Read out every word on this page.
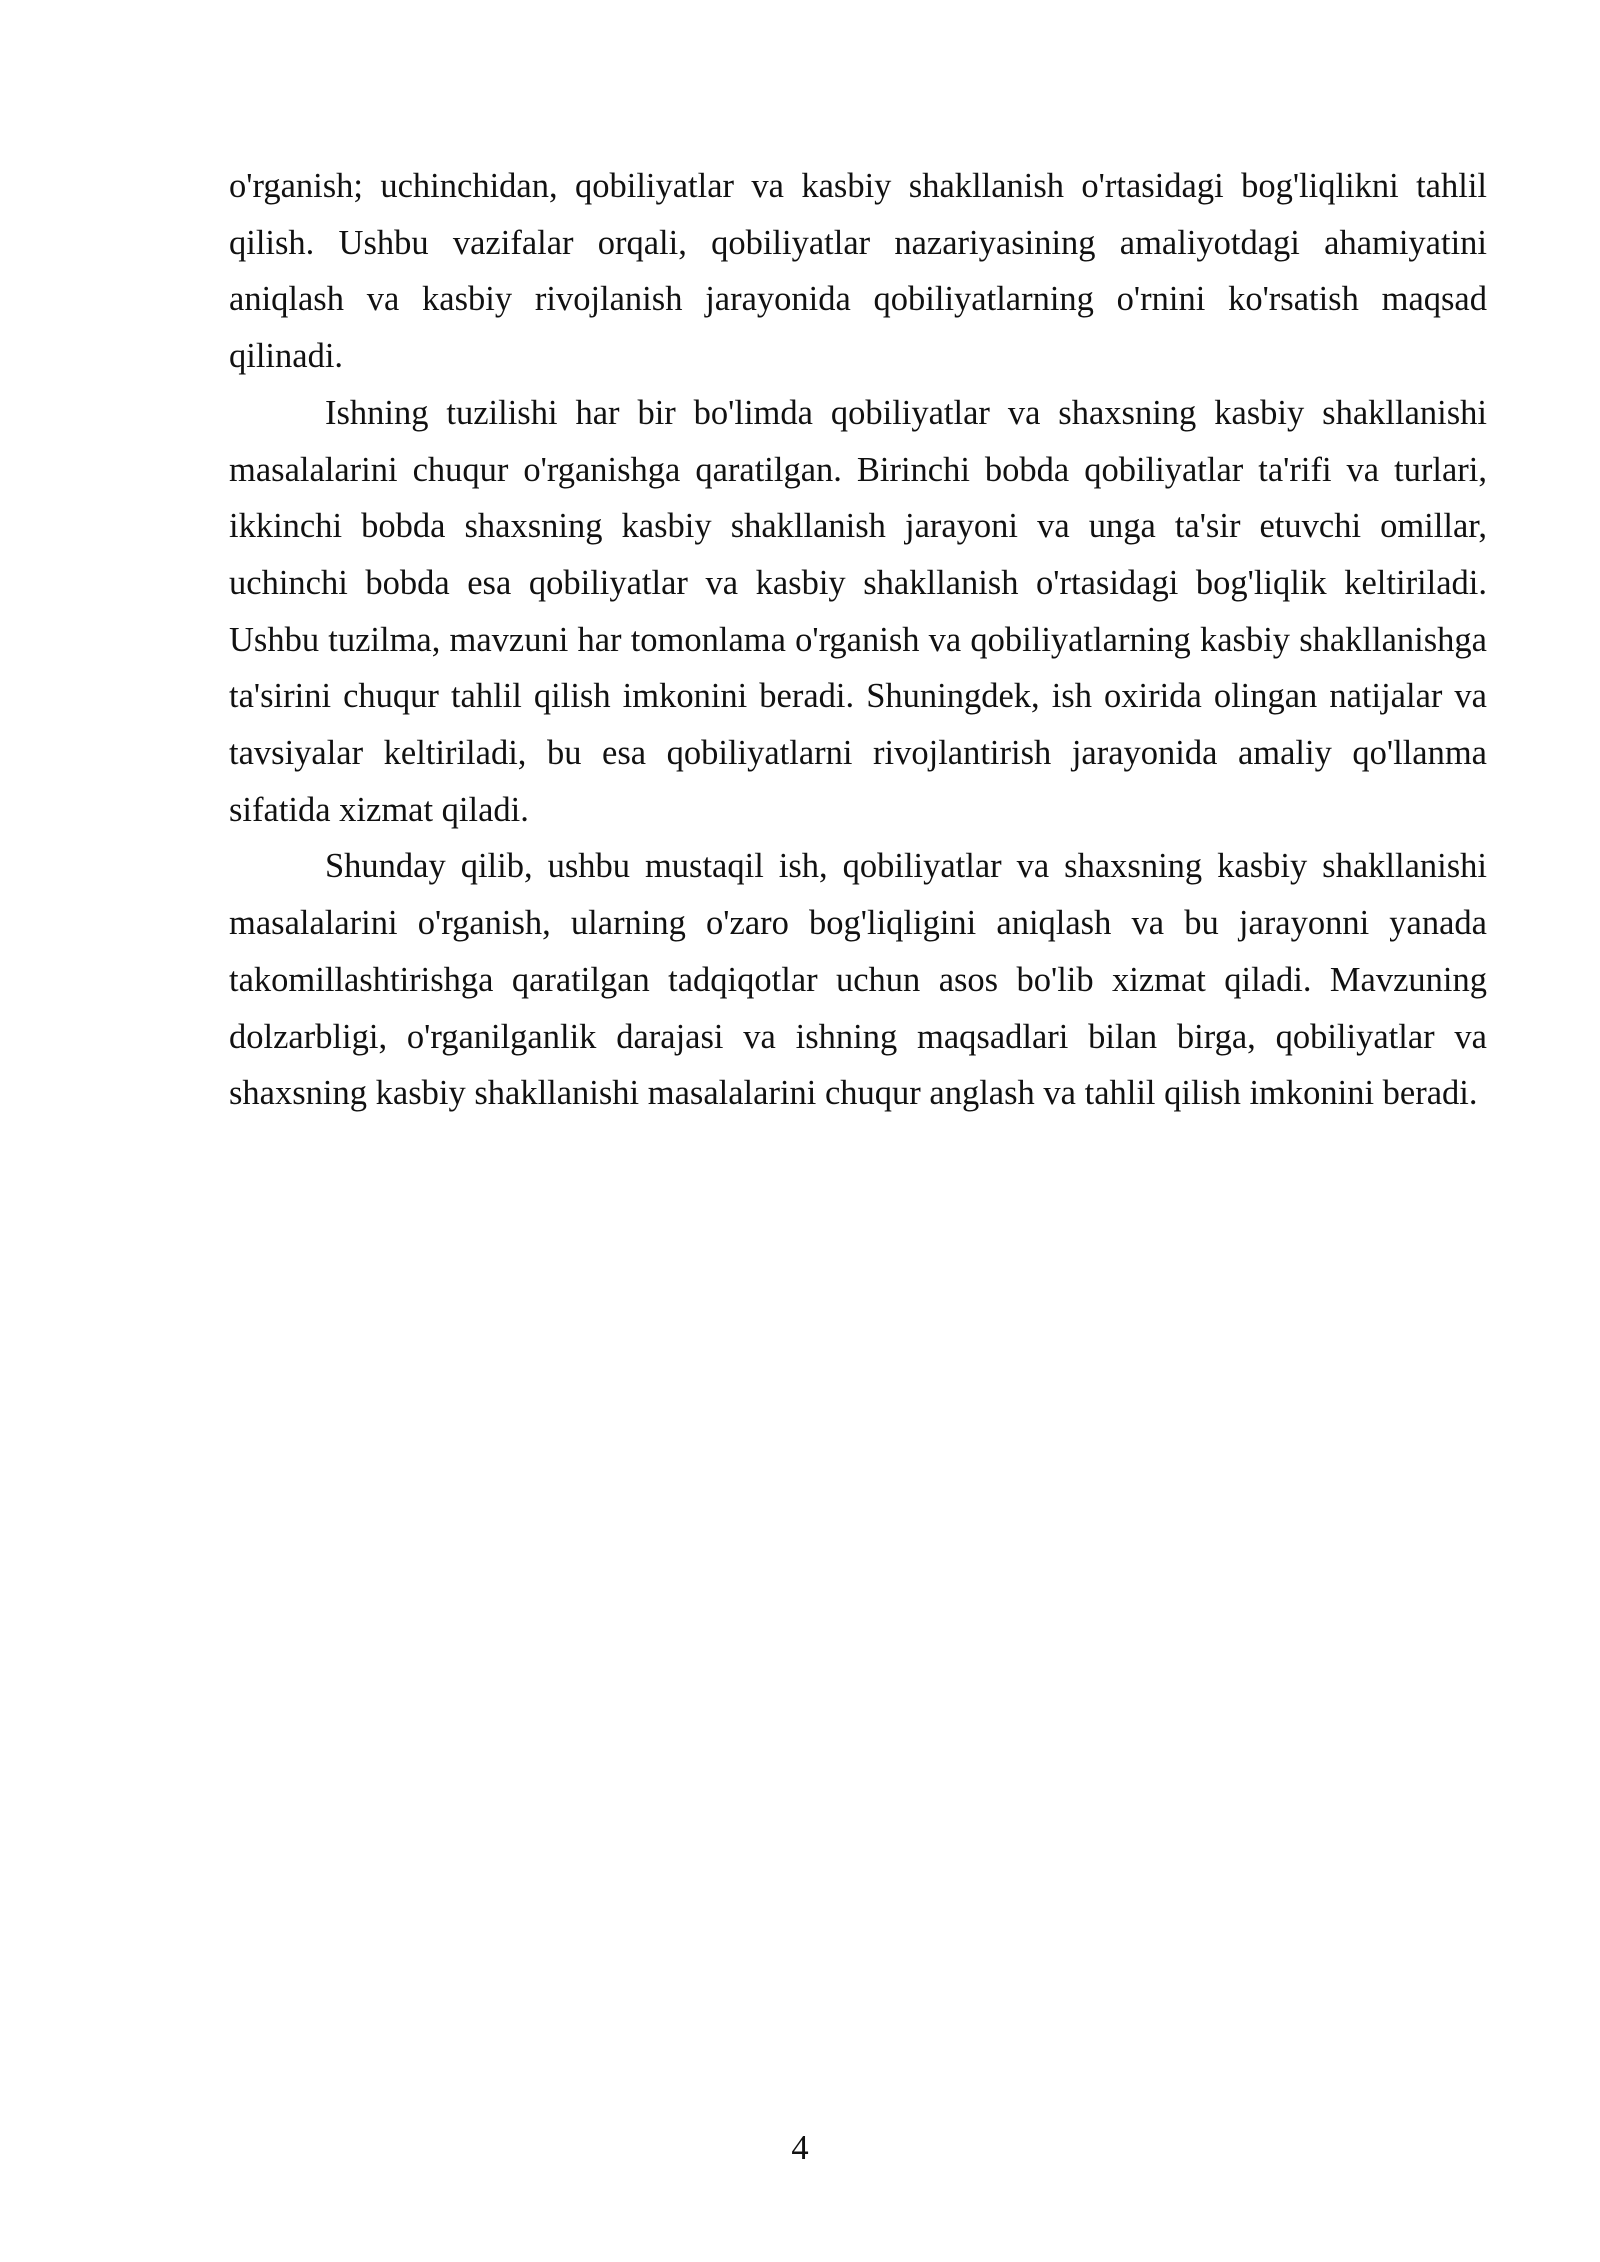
o'rganish; uchinchidan, qobiliyatlar va kasbiy shakllanish o'rtasidagi bog'liqlikni tahlil qilish. Ushbu vazifalar orqali, qobiliyatlar nazariyasining amaliyotdagi ahamiyatini aniqlash va kasbiy rivojlanish jarayonida qobiliyatlarning o'rnini ko'rsatish maqsad qilinadi.

Ishning tuzilishi har bir bo'limda qobiliyatlar va shaxsning kasbiy shakllanishi masalalarini chuqur o'rganishga qaratilgan. Birinchi bobda qobiliyatlar ta'rifi va turlari, ikkinchi bobda shaxsning kasbiy shakllanish jarayoni va unga ta'sir etuvchi omillar, uchinchi bobda esa qobiliyatlar va kasbiy shakllanish o'rtasidagi bog'liqlik keltiriladi. Ushbu tuzilma, mavzuni har tomonlama o'rganish va qobiliyatlarning kasbiy shakllanishga ta'sirini chuqur tahlil qilish imkonini beradi. Shuningdek, ish oxirida olingan natijalar va tavsiyalar keltiriladi, bu esa qobiliyatlarni rivojlantirish jarayonida amaliy qo'llanma sifatida xizmat qiladi.

Shunday qilib, ushbu mustaqil ish, qobiliyatlar va shaxsning kasbiy shakllanishi masalalarini o'rganish, ularning o'zaro bog'liqligini aniqlash va bu jarayonni yanada takomillashtirishga qaratilgan tadqiqotlar uchun asos bo'lib xizmat qiladi. Mavzuning dolzarbligi, o'rganilganlik darajasi va ishning maqsadlari bilan birga, qobiliyatlar va shaxsning kasbiy shakllanishi masalalarini chuqur anglash va tahlil qilish imkonini beradi.

4
